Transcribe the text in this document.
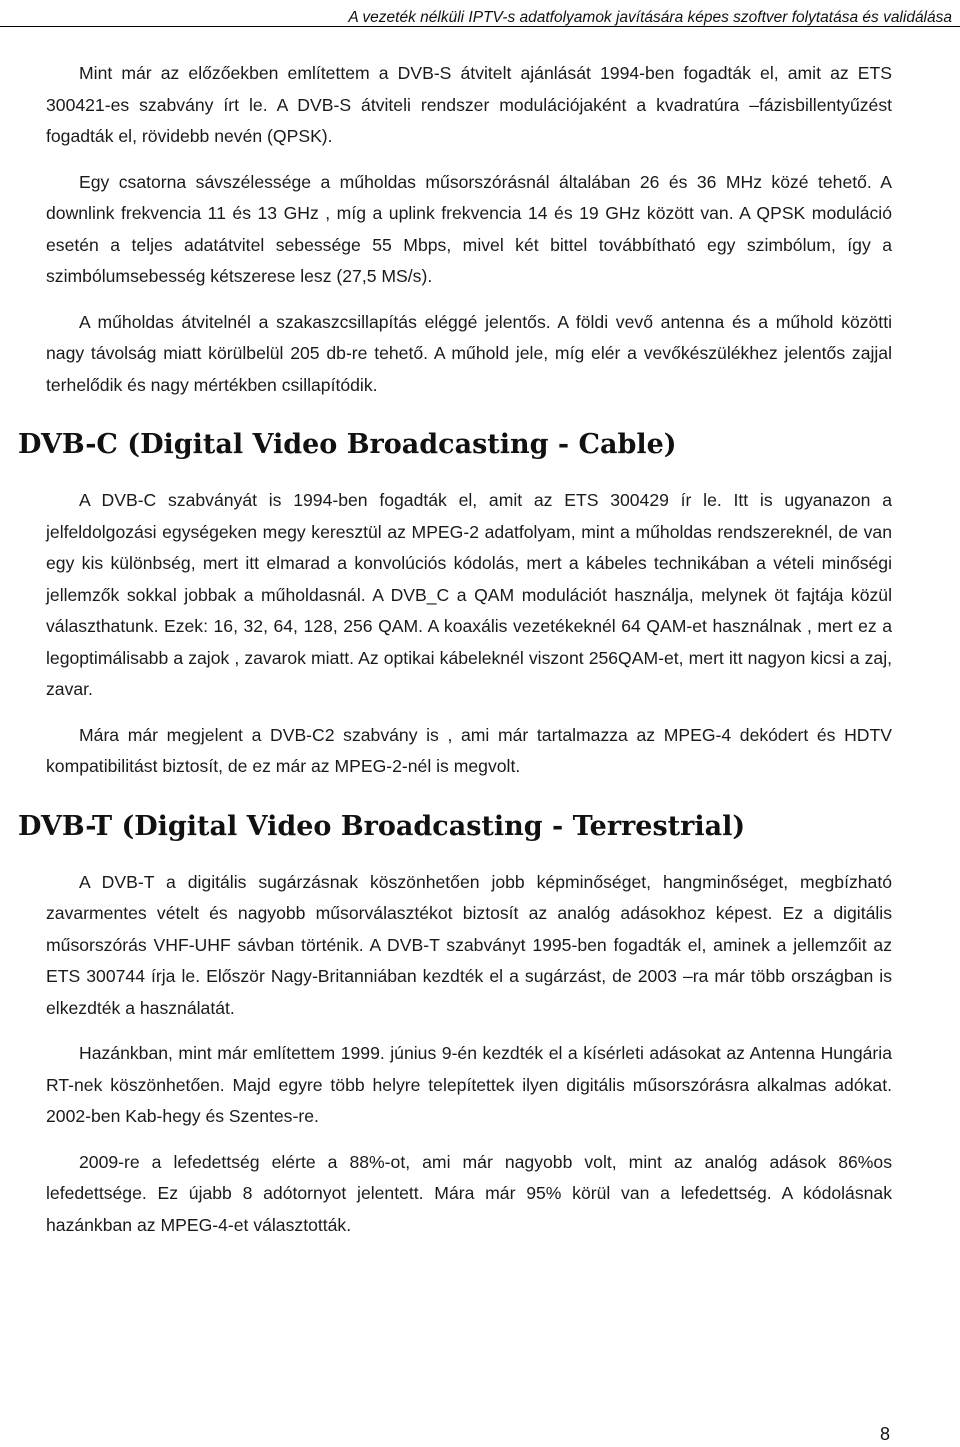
A vezeték nélküli IPTV-s adatfolyamok javítására képes szoftver folytatása és validálása

Mint már az előzőekben említettem a DVB-S átvitelt ajánlását 1994-ben fogadták el, amit az ETS 300421-es szabvány írt le. A DVB-S átviteli rendszer modulációjaként a kvadratúra –fázisbillentyűzést fogadták el, rövidebb nevén (QPSK).

Egy csatorna sávszélessége a műholdas műsorszórásnál általában 26 és 36 MHz közé tehető. A downlink frekvencia 11 és 13 GHz , míg a uplink frekvencia 14 és 19 GHz között van. A QPSK moduláció esetén a teljes adatátvitel sebessége 55 Mbps, mivel két bittel továbbítható egy szimbólum, így a szimbólumsebesség kétszerese lesz (27,5 MS/s).

A műholdas átvitelnél a szakaszcsillapítás eléggé jelentős. A földi vevő antenna és a műhold közötti nagy távolság miatt körülbelül 205 db-re tehető. A műhold jele, míg elér a vevőkészülékhez jelentős zajjal terhelődik és nagy mértékben csillapítódik.

DVB-C (Digital Video Broadcasting - Cable)

A DVB-C szabványát is 1994-ben fogadták el, amit az ETS 300429 ír le. Itt is ugyanazon a jelfeldolgozási egységeken megy keresztül az MPEG-2 adatfolyam, mint a műholdas rendszereknél, de van egy kis különbség, mert itt elmarad a konvolúciós kódolás, mert a kábeles technikában a vételi minőségi jellemzők sokkal jobbak a műholdasnál. A DVB_C a QAM modulációt használja, melynek öt fajtája közül választhatunk. Ezek: 16, 32, 64, 128, 256 QAM. A koaxális vezetékeknél 64 QAM-et használnak , mert ez a legoptimálisabb a zajok , zavarok miatt. Az optikai kábeleknél viszont 256QAM-et, mert itt nagyon kicsi a zaj, zavar.

Mára már megjelent a DVB-C2 szabvány is , ami már tartalmazza az MPEG-4 dekódert és HDTV kompatibilitást biztosít, de ez már az MPEG-2-nél is megvolt.

DVB-T (Digital Video Broadcasting - Terrestrial)

A DVB-T a digitális sugárzásnak köszönhetően jobb képminőséget, hangminőséget, megbízható zavarmentes vételt és nagyobb műsorválasztékot biztosít az analóg adásokhoz képest. Ez a digitális műsorszórás VHF-UHF sávban történik. A DVB-T szabványt 1995-ben fogadták el, aminek a jellemzőit az ETS 300744 írja le. Először Nagy-Britanniában kezdték el a sugárzást, de 2003 –ra már több országban is elkezdték a használatát.

Hazánkban, mint már említettem 1999. június 9-én kezdték el a kísérleti adásokat az Antenna Hungária RT-nek köszönhetően. Majd egyre több helyre telepítettek ilyen digitális műsorszórásra alkalmas adókat. 2002-ben Kab-hegy és Szentes-re.

2009-re a lefedettség elérte a 88%-ot, ami már nagyobb volt, mint az analóg adások 86%os lefedettsége. Ez újabb 8 adótornyot jelentett. Mára már 95% körül van a lefedettség. A kódolásnak hazánkban az MPEG-4-et választották.

8
